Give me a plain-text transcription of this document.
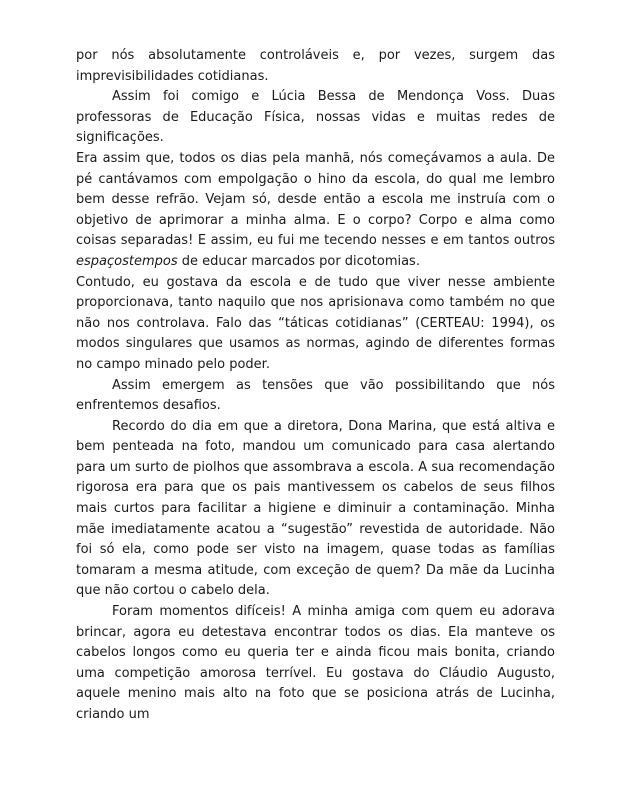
por nós absolutamente controláveis e, por vezes, surgem das imprevisibilidades cotidianas.

Assim foi comigo e Lúcia Bessa de Mendonça Voss. Duas professoras de Educação Física, nossas vidas e muitas redes de significações.

Era assim que, todos os dias pela manhã, nós começávamos a aula. De pé cantávamos com empolgação o hino da escola, do qual me lembro bem desse refrão. Vejam só, desde então a escola me instruía com o objetivo de aprimorar a minha alma. E o corpo? Corpo e alma como coisas separadas! E assim, eu fui me tecendo nesses e em tantos outros espaçostempos de educar marcados por dicotomias.

Contudo, eu gostava da escola e de tudo que viver nesse ambiente proporcionava, tanto naquilo que nos aprisionava como também no que não nos controlava. Falo das “táticas cotidianas” (CERTEAU: 1994), os modos singulares que usamos as normas, agindo de diferentes formas no campo minado pelo poder.

Assim emergem as tensões que vão possibilitando que nós enfrentemos desafios.

Recordo do dia em que a diretora, Dona Marina, que está altiva e bem penteada na foto, mandou um comunicado para casa alertando para um surto de piolhos que assombrava a escola. A sua recomendação rigorosa era para que os pais mantivessem os cabelos de seus filhos mais curtos para facilitar a higiene e diminuir a contaminação. Minha mãe imediatamente acatou a “sugestão” revestida de autoridade. Não foi só ela, como pode ser visto na imagem, quase todas as famílias tomaram a mesma atitude, com exceção de quem? Da mãe da Lucinha que não cortou o cabelo dela.

Foram momentos difíceis! A minha amiga com quem eu adorava brincar, agora eu detestava encontrar todos os dias. Ela manteve os cabelos longos como eu queria ter e ainda ficou mais bonita, criando uma competição amorosa terrível. Eu gostava do Cláudio Augusto, aquele menino mais alto na foto que se posiciona atrás de Lucinha, criando um
